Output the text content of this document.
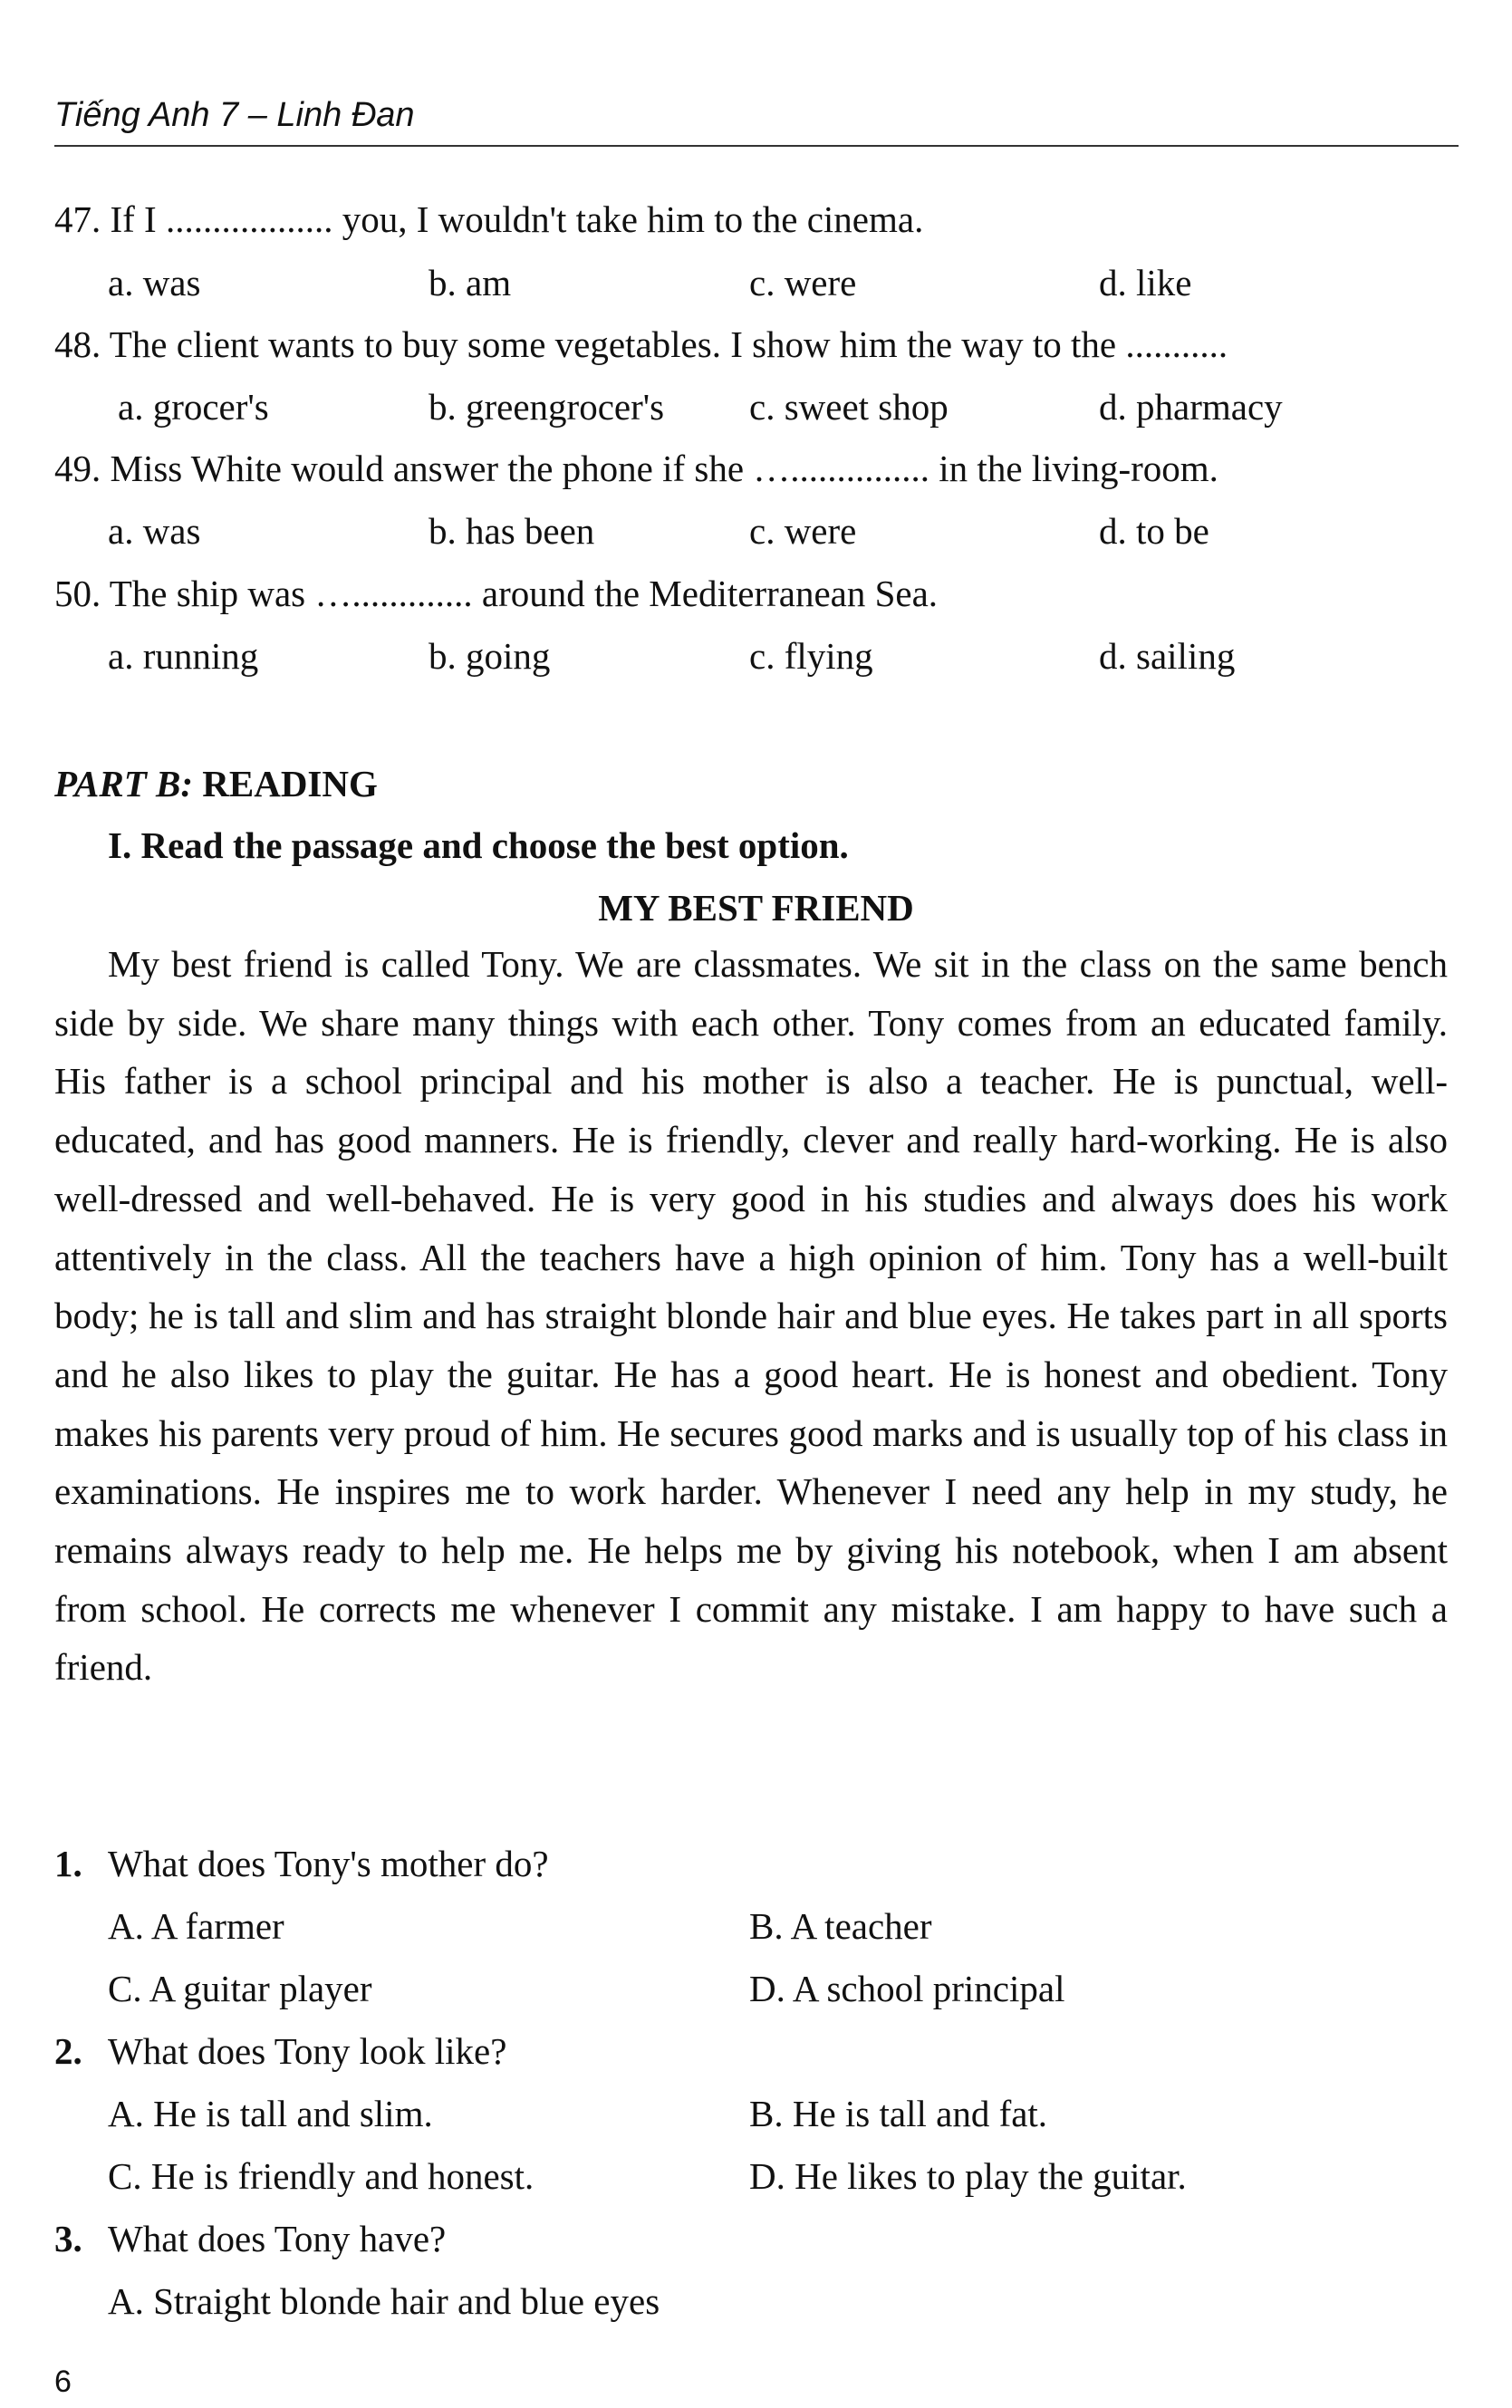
Tiếng Anh 7 – Linh Đan
47. If I .................. you, I wouldn't take him to the cinema.
a. was	b. am	c. were	d. like
48. The client wants to buy some vegetables. I show him the way to the ...........
a. grocer's	b. greengrocer's c. sweet shop	d. pharmacy
49. Miss White would answer the phone if she …............... in the living-room.
a. was	b. has been	c. were	d. to be
50. The ship was …............. around the Mediterranean Sea.
a. running	b. going	c. flying	d. sailing
PART B: READING
I. Read the passage and choose the best option.
MY BEST FRIEND

My best friend is called Tony. We are classmates. We sit in the class on the same bench side by side. We share many things with each other. Tony comes from an educated family. His father is a school principal and his mother is also a teacher. He is punctual, well-educated, and has good manners. He is friendly, clever and really hard-working. He is also well-dressed and well-behaved. He is very good in his studies and always does his work attentively in the class. All the teachers have a high opinion of him. Tony has a well-built body; he is tall and slim and has straight blonde hair and blue eyes. He takes part in all sports and he also likes to play the guitar. He has a good heart. He is honest and obedient. Tony makes his parents very proud of him. He secures good marks and is usually top of his class in examinations. He inspires me to work harder. Whenever I need any help in my study, he remains always ready to help me. He helps me by giving his notebook, when I am absent from school. He corrects me whenever I commit any mistake. I am happy to have such a friend.

1. What does Tony's mother do?
A. A farmer	B. A teacher
C. A guitar player	D. A school principal
2. What does Tony look like?
A. He is tall and slim.	B. He is tall and fat.
C. He is friendly and honest.	D. He likes to play the guitar.
3. What does Tony have?
A. Straight blonde hair and blue eyes
6
